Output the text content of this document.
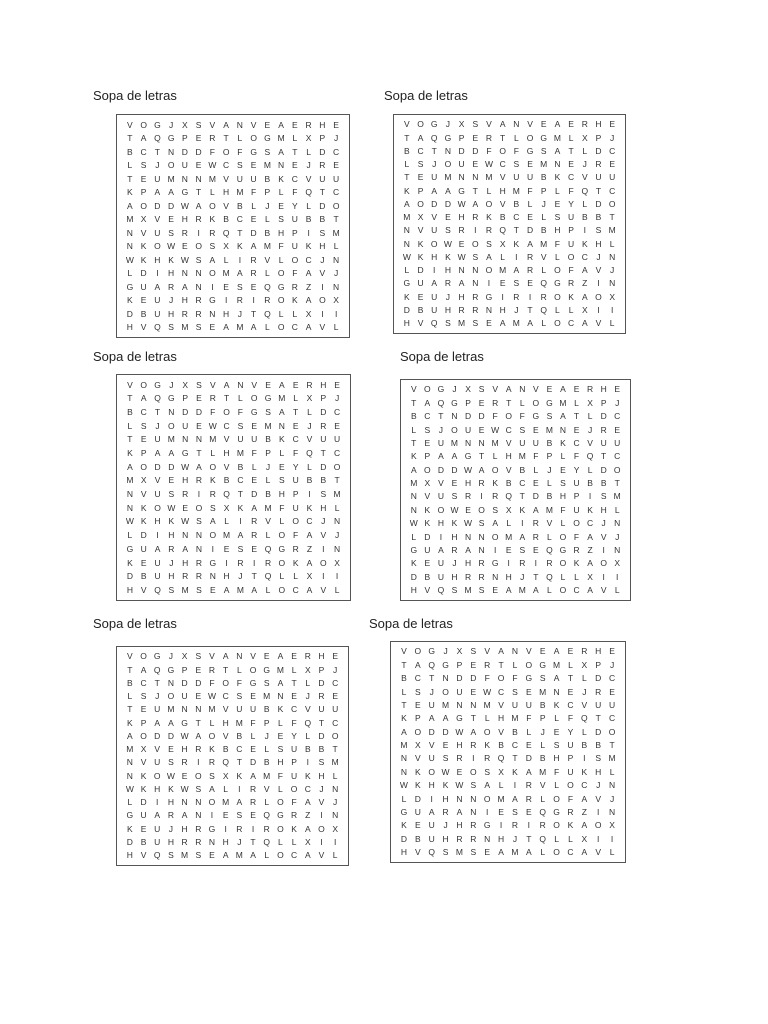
Sopa de letras
V O G J	X S V A N V E A E R H E
T A Q G P E R T	L O G M L	X P	J
B C T N D D F O F G S A T	L D C
L	S	J O U E W C S E M N E	J	R E
T E U M N N M V U U B K C V U U
K P A A G T	L H M F P	L	F Q T C
A O D D W A O V B	L	J	E Y	L D O
M X V E H R K B C E	L	S U B B T
N V U S R	I	R Q T D B H P	I	S M
N K O W E O S X K A M F U K H L
W K H K W S A	L	I	R V	L O C	J	N
L D	I	H N N O M A R L O F A V	J
G U A R A N	I	E S E Q G R Z	I	N
K E U	J	H R G	I	R	I	R O K A O X
D B U H R R N H	J	T Q L	L	X	I	I
H V Q S M S E A M A	L O C A V	L
Sopa de letras
V O G J	X S V A N V E A E R H E
T A Q G P E R T	L O G M L X P	J
B C T N D D F O F G S A T	L D C
L S	J O U E W C S E M N E	J R E
T E U M N N M V U U B K C V U U
K P A A G T	L H M F P L	F Q T C
A O D D W A O V B L	J	E Y L D O
M X V E H R K B C E L S U B B T
N V U S R	I	R Q T D B H P	I	S M
N K O W E O S X K A M F U K H L
W K H K W S A L	I	R V L O C	J N
L D	I	H N N O M A R L O F A V	J
G U A R A N	I	E S E Q G R Z	I	N
K E U	J H R G	I	R	I	R O K A O X
D B U H R R N H	J	T Q L	L X	I	I
H V Q S M S E A M A L O C A V L
Sopa de letras
V O G J	X S V A N V E A E R H E
T A Q G P E R T	L O G M L	X P	J
B C T N D D F O F G S A T	L D C
L	S	J O U E W C S E M N E	J	R E
T E U M N N M V U U B K C V U U
K P A A G T	L H M F P	L	F Q T C
A O D D W A O V B	L	J	E Y	L D O
M X V E H R K B C E	L	S U B B T
N V U S R	I	R Q T D B H P	I	S M
N K O W E O S X K A M F U K H L
W K H K W S A	L	I	R V	L O C	J	N
L D	I	H N N O M A R L O F A V	J
G U A R A N	I	E S E Q G R Z	I	N
K E U	J	H R G	I	R	I	R O K A O X
D B U H R R N H	J	T Q L	L	X	I	I
H V Q S M S E A M A	L O C A V	L
Sopa de letras
V O G J	X S V A N V E A E R H E
T A Q G P E R T	L O G M L X P	J
B C T N D D F O F G S A T	L D C
L S	J O U E W C S E M N E	J R E
T E U M N N M V U U B K C V U U
K P A A G T	L H M F P L	F Q T C
A O D D W A O V B L	J	E Y L D O
M X V E H R K B C E L S U B B T
N V U S R	I	R Q T D B H P	I	S M
N K O W E O S X K A M F U K H L
W K H K W S A L	I	R V L O C J N
L D	I	H N N O M A R L O F A V	J
G U A R A N	I	E S E Q G R Z	I	N
K E U J H R G	I	R	I	R O K A O X
D B U H R R N H J	T Q L	L X	I	I
H V Q S M S E A M A L O C A V L
Sopa de letras
V O G J	X S V A N V E A E R H E
T A Q G P E R T	L O G M L X P	J
B C T N D D F O F G S A T	L D C
L S	J O U E W C S E M N E	J R E
T E U M N N M V U U B K C V U U
K P A A G T	L H M F P L	F Q T C
A O D D W A O V B L	J	E Y L D O
M X V E H R K B C E L S U B B T
N V U S R	I	R Q T D B H P	I	S M
N K O W E O S X K A M F U K H L
W K H K W S A L	I	R V L O C	J N
L D	I	H N N O M A R L O F A V	J
G U A R A N	I	E S E Q G R Z	I	N
K E U	J H R G	I	R	I	R O K A O X
D B U H R R N H	J	T Q L	L X	I	I
H V Q S M S E A M A L O C A V L
Sopa de letras
V O G J	X S V A N V E A E R H E
T A Q G P E R T	L O G M L	X P	J
B C T N D D F O F G S A T	L D C
L	S	J O U E W C S E M N E	J	R E
T E U M N N M V U U B K C V U U
K P A A G T	L H M F P	L	F Q T C
A O D D W A O V B	L	J	E Y	L D O
M X V E H R K B C E	L	S U B B T
N V U S R	I	R Q T D B H P	I	S M
N K O W E O S X K A M F U K H L
W K H K W S A	L	I	R V	L O C	J	N
L D	I	H N N O M A R L O F A V	J
G U A R A N	I	E S E Q G R Z	I	N
K E U	J	H R G	I	R	I	R O K A O X
D B U H R R N H	J	T Q L	L	X	I	I
H V Q S M S E A M A	L O C A V	L
